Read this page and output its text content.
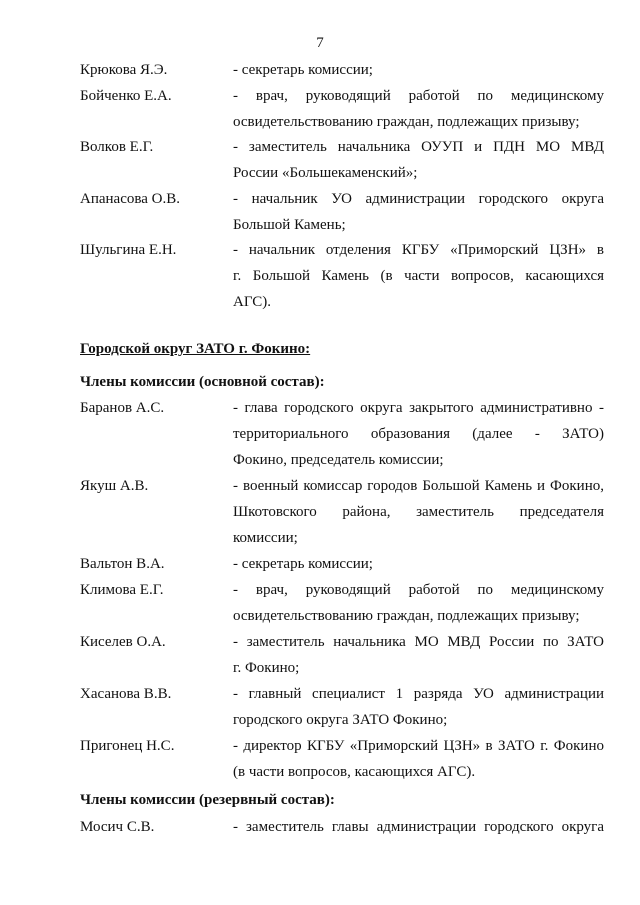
7
Крюкова Я.Э.	- секретарь комиссии;
Бойченко Е.А.	- врач, руководящий работой по медицинскому
освидетельствованию граждан, подлежащих призыву;
Волков Е.Г.	- заместитель начальника ОУУП и ПДН МО МВД
России «Большекаменский»;
Апанасова О.В.	- начальник УО администрации городского округа
Большой Камень;
Шульгина Е.Н.	- начальник отделения КГБУ «Приморский ЦЗН» в
г. Большой Камень (в части вопросов, касающихся
АГС).
Городской округ ЗАТО г. Фокино:
Члены комиссии (основной состав):
Баранов А.С.	- глава городского округа закрытого административно -
территориального образования (далее - ЗАТО)
Фокино, председатель комиссии;
Якуш А.В.	- военный комиссар городов Большой Камень и Фокино,
Шкотовского района, заместитель председателя
комиссии;
Вальтон В.А.	- секретарь комиссии;
Климова Е.Г.	- врач, руководящий работой по медицинскому
освидетельствованию граждан, подлежащих призыву;
Киселев О.А.	- заместитель начальника МО МВД России по ЗАТО
г. Фокино;
Хасанова В.В.	- главный специалист 1 разряда УО администрации
городского округа ЗАТО Фокино;
Пригонец Н.С.	- директор КГБУ «Приморский ЦЗН» в ЗАТО г. Фокино
(в части вопросов, касающихся АГС).
Члены комиссии (резервный состав):
Мосич С.В.	- заместитель главы администрации городского округа
